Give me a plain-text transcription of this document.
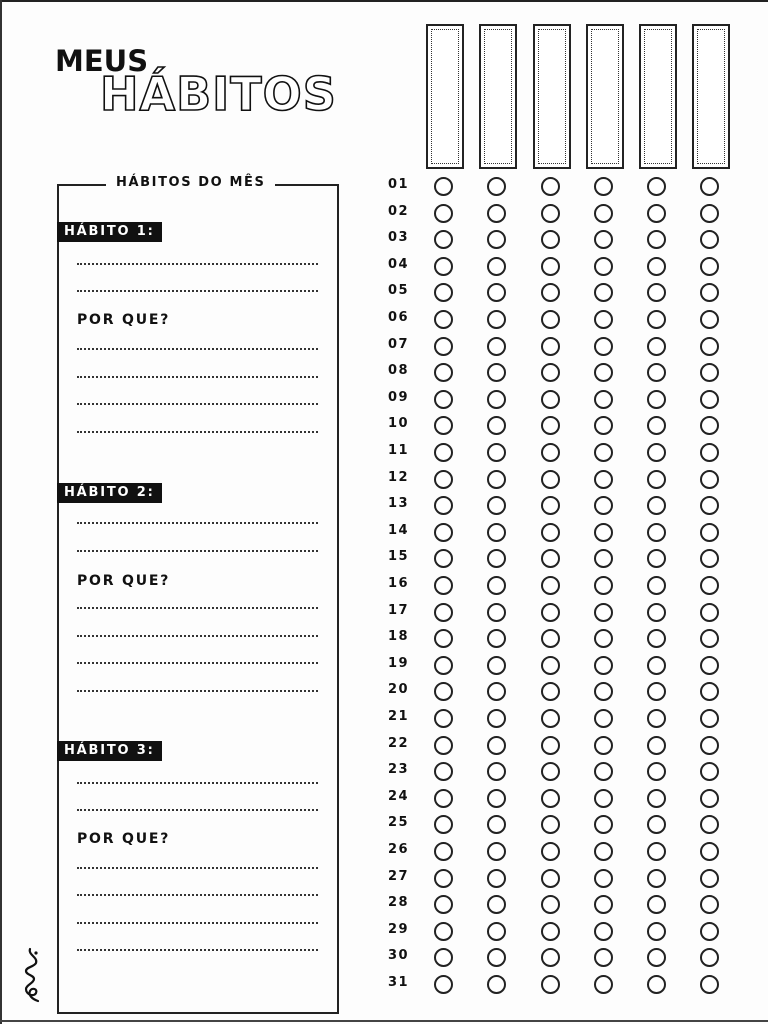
MEUS
HÁBITOS
HÁBITOS DO MÊS
HÁBITO 1:
POR QUE?
HÁBITO 2:
POR QUE?
HÁBITO 3:
POR QUE?
01
02
03
04
05
06
07
08
09
10
11
12
13
14
15
16
17
18
19
20
21
22
23
24
25
26
27
28
29
30
31
